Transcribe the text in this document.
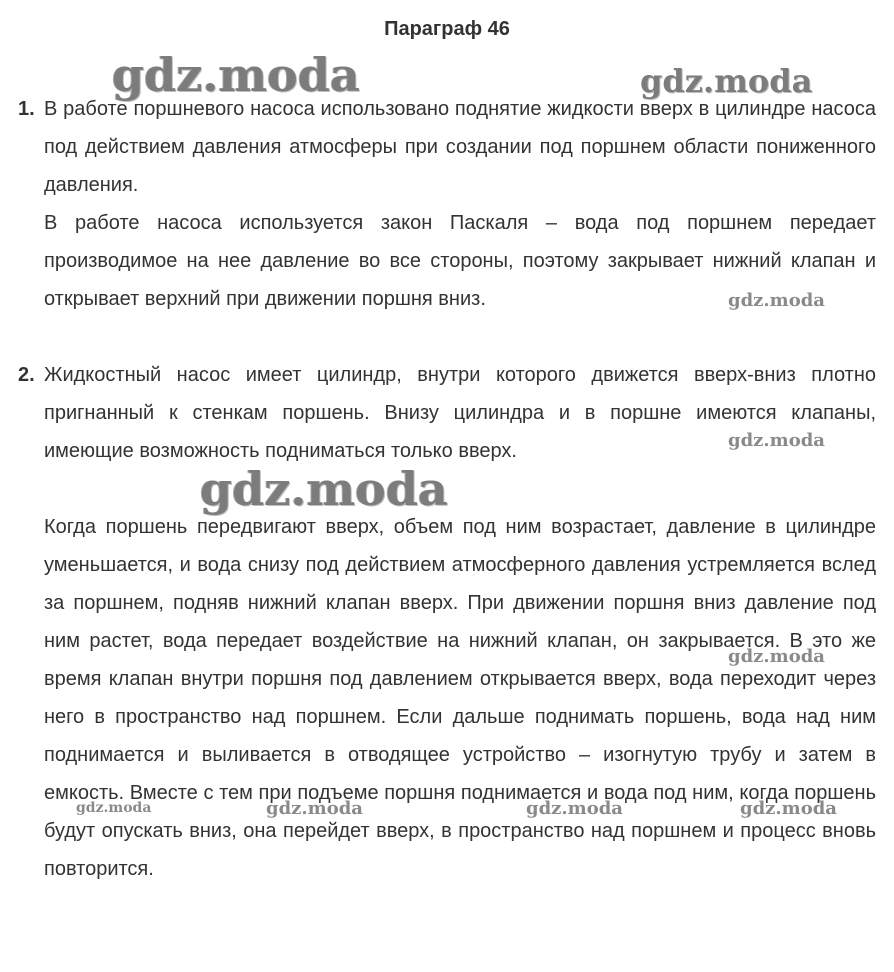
Параграф 46
1. В работе поршневого насоса использовано поднятие жидкости вверх в цилиндре насоса под действием давления атмосферы при создании под поршнем области пониженного давления.

В работе насоса используется закон Паскаля – вода под поршнем передает производимое на нее давление во все стороны, поэтому закрывает нижний клапан и открывает верхний при движении поршня вниз.

2. Жидкостный насос имеет цилиндр, внутри которого движется вверх-вниз плотно пригнанный к стенкам поршень. Внизу цилиндра и в поршне имеются клапаны, имеющие возможность подниматься только вверх.

Когда поршень передвигают вверх, объем под ним возрастает, давление в цилиндре уменьшается, и вода снизу под действием атмосферного давления устремляется вслед за поршнем, подняв нижний клапан вверх. При движении поршня вниз давление под ним растет, вода передает воздействие на нижний клапан, он закрывается. В это же время клапан внутри поршня под давлением открывается вверх, вода переходит через него в пространство над поршнем. Если дальше поднимать поршень, вода над ним поднимается и выливается в отводящее устройство – изогнутую трубу и затем в емкость. Вместе с тем при подъеме поршня поднимается и вода под ним, когда поршень будут опускать вниз, она перейдет вверх, в пространство над поршнем и процесс вновь повторится.

gdz.moda	gdz.moda
gdz.moda
gdz.moda
gdz.moda
gdz.moda
gdz.moda	gdz.moda	gdz.moda	gdz.moda
